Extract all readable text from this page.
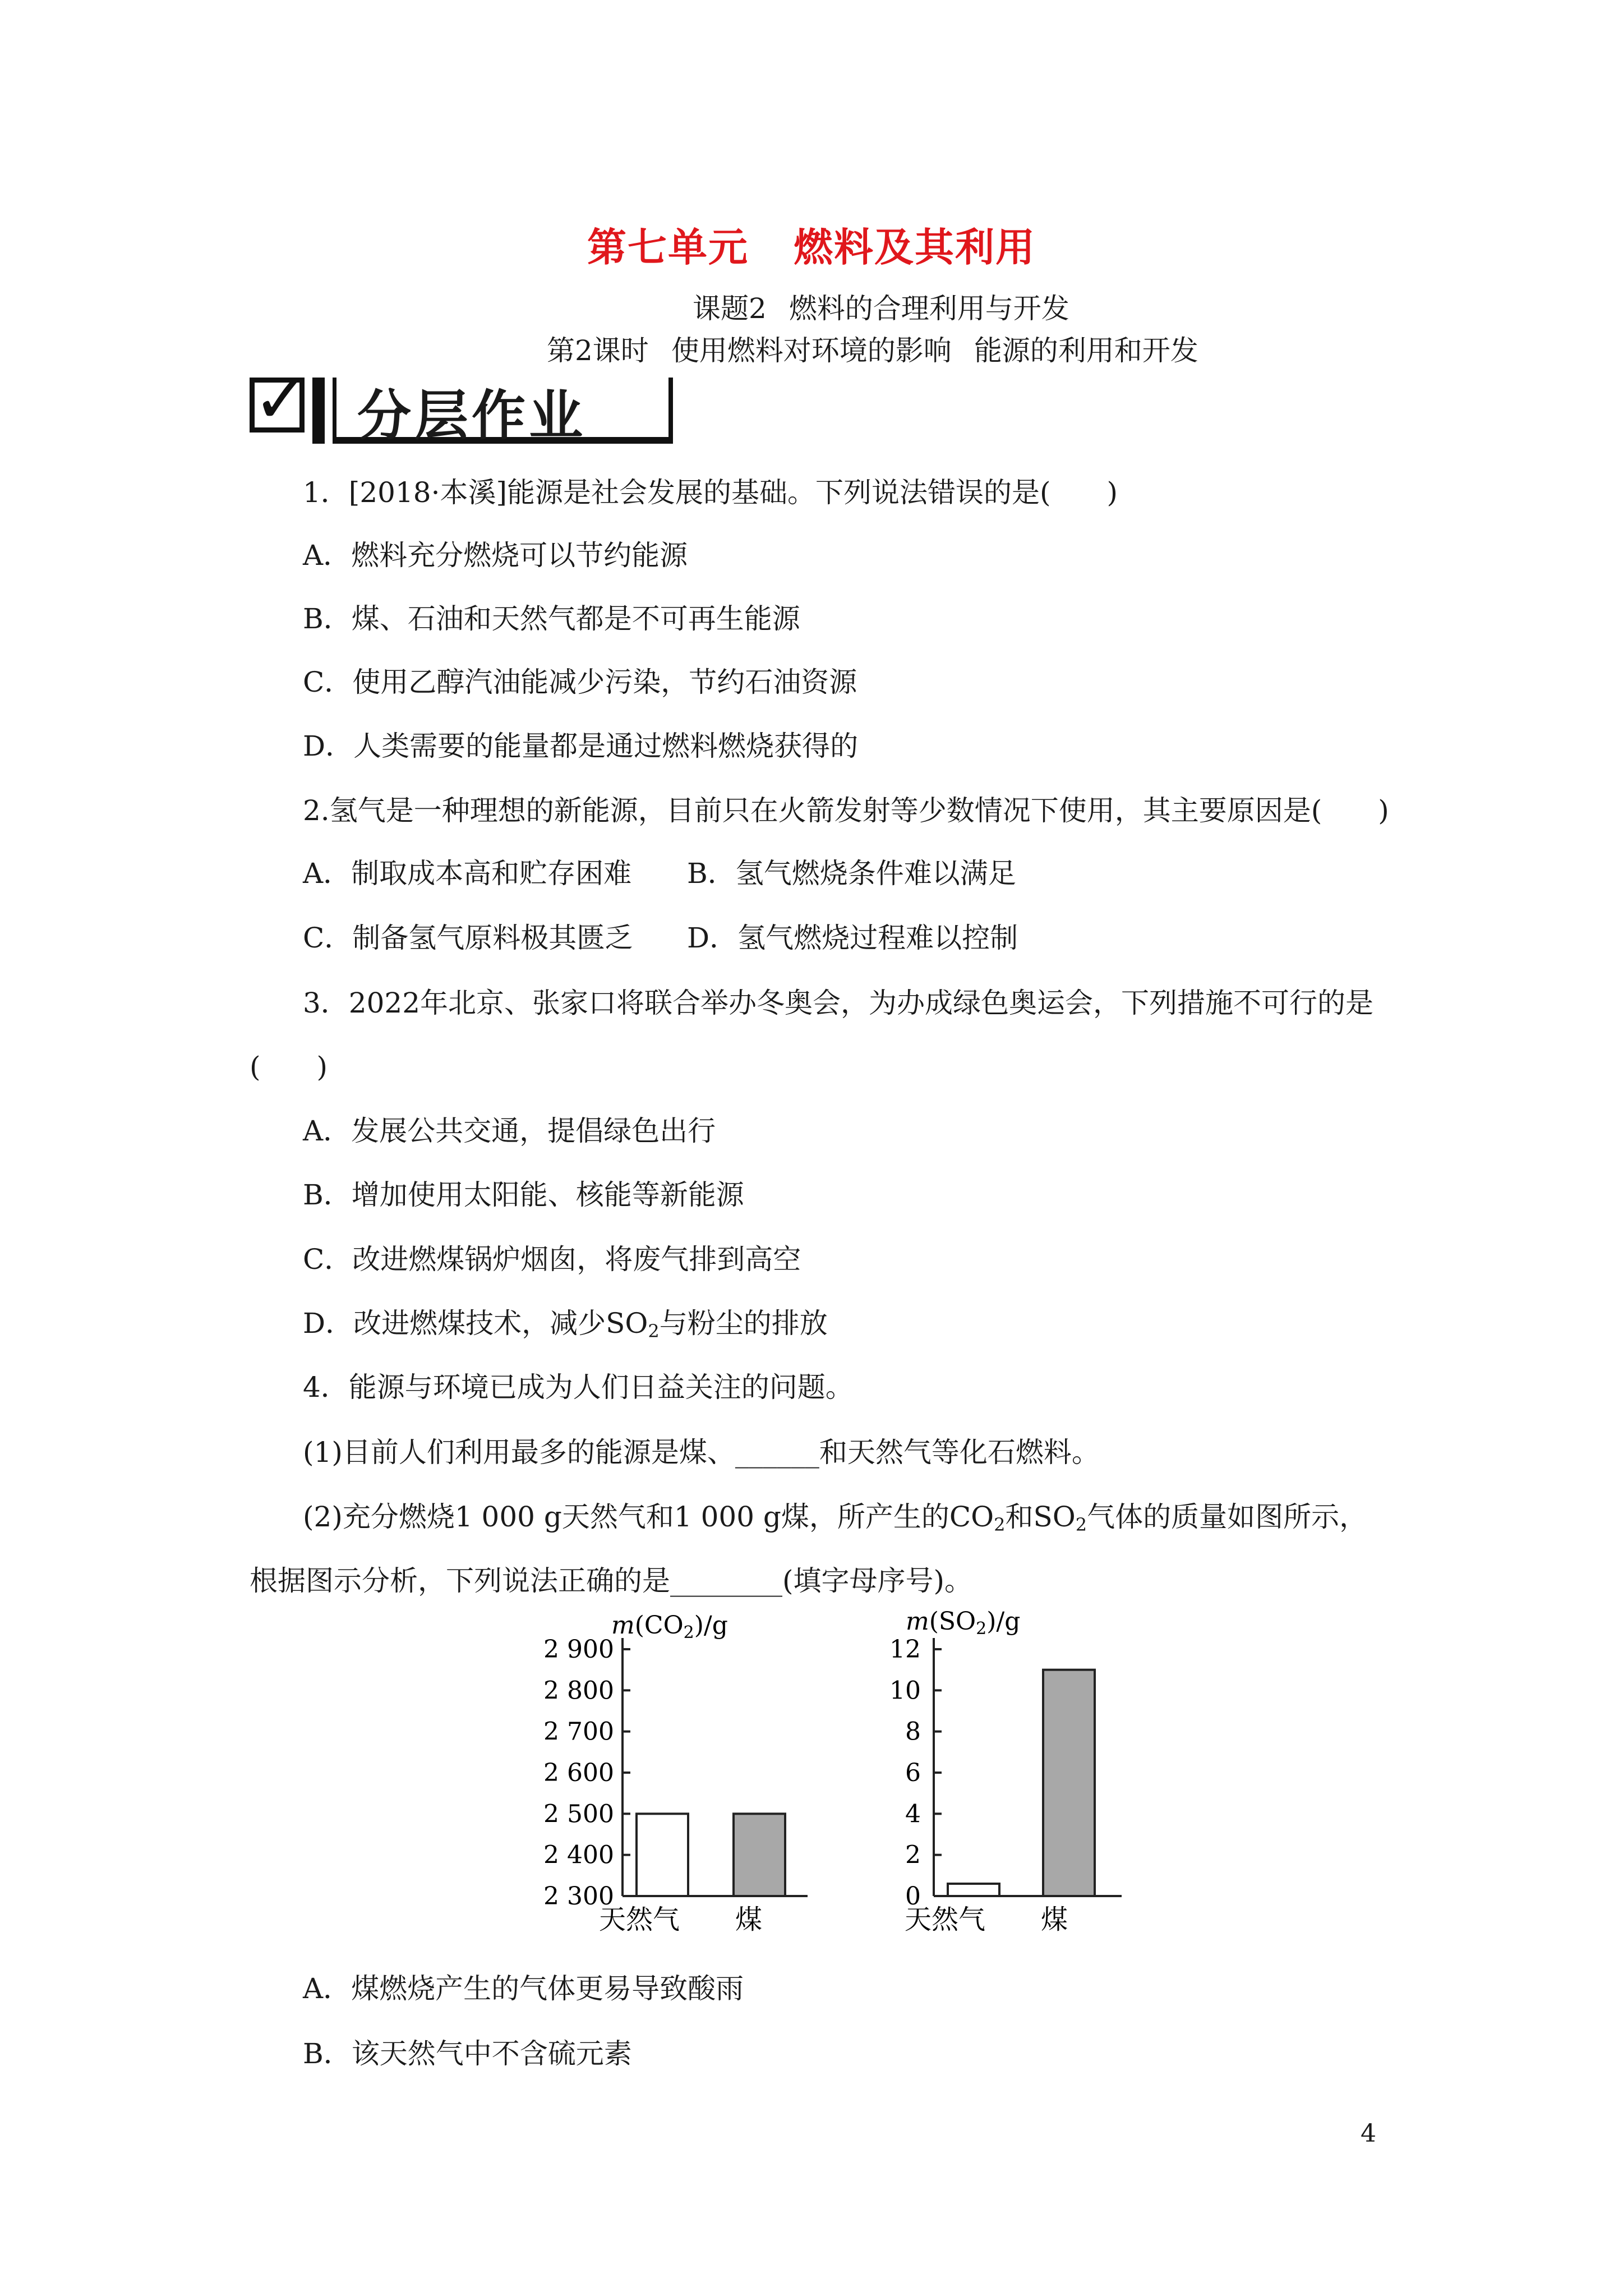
第七单元 燃料及其利用
课题2 燃料的合理利用与开发
第2课时 使用燃料对环境的影响 能源的利用和开发
✓ 分层作业
1．[2018·本溪]能源是社会发展的基础。下列说法错误的是(　　)
A．燃料充分燃烧可以节约能源
B．煤、石油和天然气都是不可再生能源
C．使用乙醇汽油能减少污染，节约石油资源
D．人类需要的能量都是通过燃料燃烧获得的
2.氢气是一种理想的新能源，目前只在火箭发射等少数情况下使用，其主要原因是(　　)
A．制取成本高和贮存困难 B．氢气燃烧条件难以满足
C．制备氢气原料极其匮乏 D．氢气燃烧过程难以控制
3．2022年北京、张家口将联合举办冬奥会，为办成绿色奥运会，下列措施不可行的是
(　　)
A．发展公共交通，提倡绿色出行
B．增加使用太阳能、核能等新能源
C．改进燃煤锅炉烟囱，将废气排到高空
D．改进燃煤技术，减少$SO_2$与粉尘的排放
4．能源与环境已成为人们日益关注的问题。
(1)目前人们利用最多的能源是煤、______和天然气等化石燃料。
(2)充分燃烧1 000 g天然气和1 000 g煤，所产生的$CO_2$和$SO_2$气体的质量如图所示，
根据图示分析，下列说法正确的是________(填字母序号)。
m(CO2)/g
2 300
2 400
2 500
2 600
2 700
2 800
2 900
天然气 煤
m(SO2)/g
0
2
4
6
8
10
12
天然气 煤
A．煤燃烧产生的气体更易导致酸雨
B．该天然气中不含硫元素
4
